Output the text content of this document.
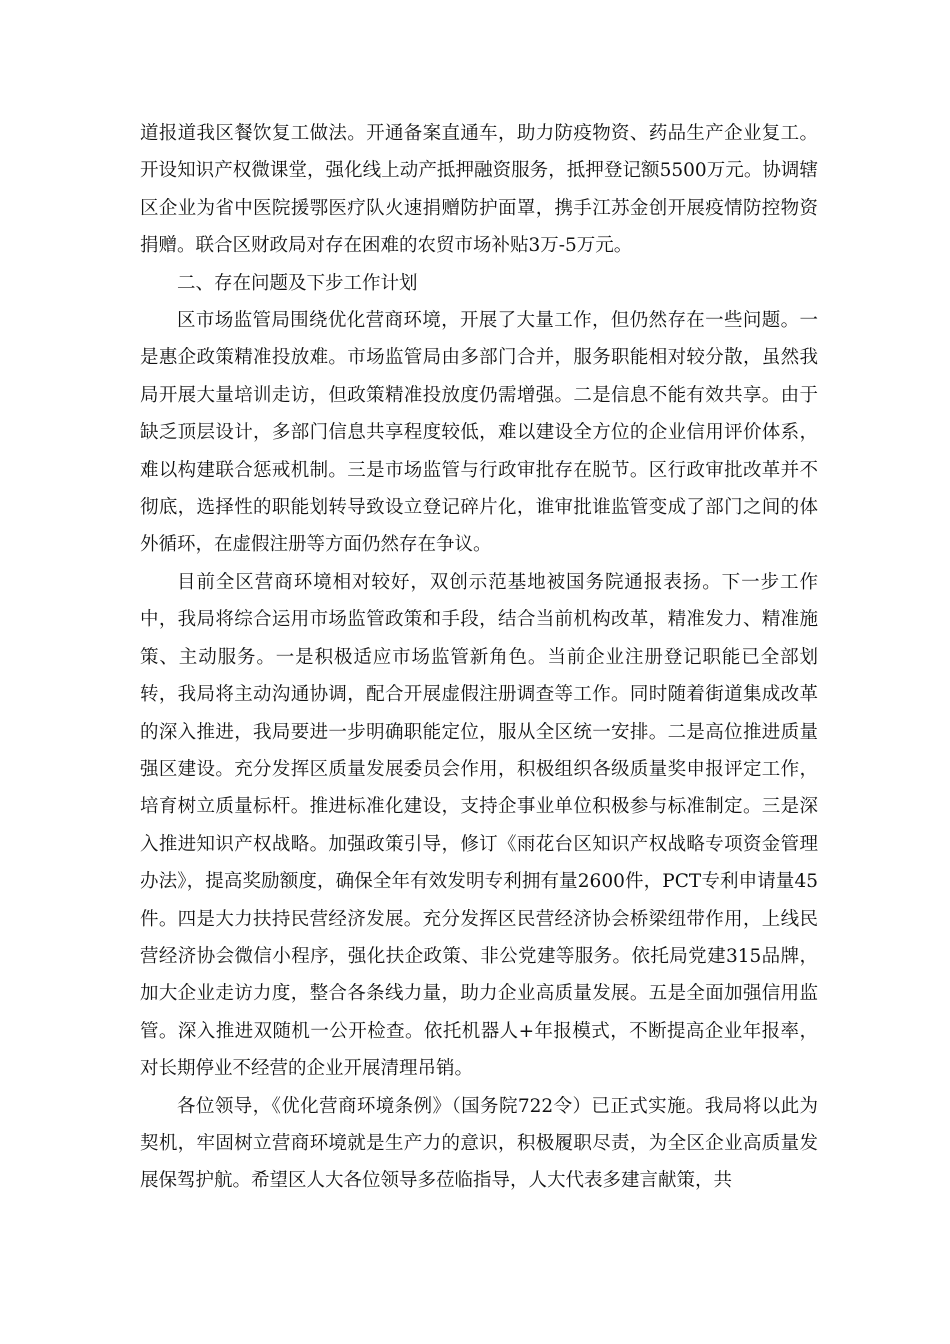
道报道我区餐饮复工做法。开通备案直通车，助力防疫物资、药品生产企业复工。开设知识产权微课堂，强化线上动产抵押融资服务，抵押登记额5500万元。协调辖区企业为省中医院援鄂医疗队火速捐赠防护面罩，携手江苏金创开展疫情防控物资捐赠。联合区财政局对存在困难的农贸市场补贴3万-5万元。

二、存在问题及下步工作计划

区市场监管局围绕优化营商环境，开展了大量工作，但仍然存在一些问题。一是惠企政策精准投放难。市场监管局由多部门合并，服务职能相对较分散，虽然我局开展大量培训走访，但政策精准投放度仍需增强。二是信息不能有效共享。由于缺乏顶层设计，多部门信息共享程度较低，难以建设全方位的企业信用评价体系，难以构建联合惩戒机制。三是市场监管与行政审批存在脱节。区行政审批改革并不彻底，选择性的职能划转导致设立登记碎片化，谁审批谁监管变成了部门之间的体外循环，在虚假注册等方面仍然存在争议。

目前全区营商环境相对较好，双创示范基地被国务院通报表扬。下一步工作中，我局将综合运用市场监管政策和手段，结合当前机构改革，精准发力、精准施策、主动服务。一是积极适应市场监管新角色。当前企业注册登记职能已全部划转，我局将主动沟通协调，配合开展虚假注册调查等工作。同时随着街道集成改革的深入推进，我局要进一步明确职能定位，服从全区统一安排。二是高位推进质量强区建设。充分发挥区质量发展委员会作用，积极组织各级质量奖申报评定工作，培育树立质量标杆。推进标准化建设，支持企事业单位积极参与标准制定。三是深入推进知识产权战略。加强政策引导，修订《雨花台区知识产权战略专项资金管理办法》，提高奖励额度，确保全年有效发明专利拥有量2600件，PCT专利申请量45件。四是大力扶持民营经济发展。充分发挥区民营经济协会桥梁纽带作用，上线民营经济协会微信小程序，强化扶企政策、非公党建等服务。依托局党建315品牌，加大企业走访力度，整合各条线力量，助力企业高质量发展。五是全面加强信用监管。深入推进双随机一公开检查。依托机器人+年报模式，不断提高企业年报率，对长期停业不经营的企业开展清理吊销。

各位领导，《优化营商环境条例》（国务院722令）已正式实施。我局将以此为契机，牢固树立营商环境就是生产力的意识，积极履职尽责，为全区企业高质量发展保驾护航。希望区人大各位领导多莅临指导，人大代表多建言献策，共
